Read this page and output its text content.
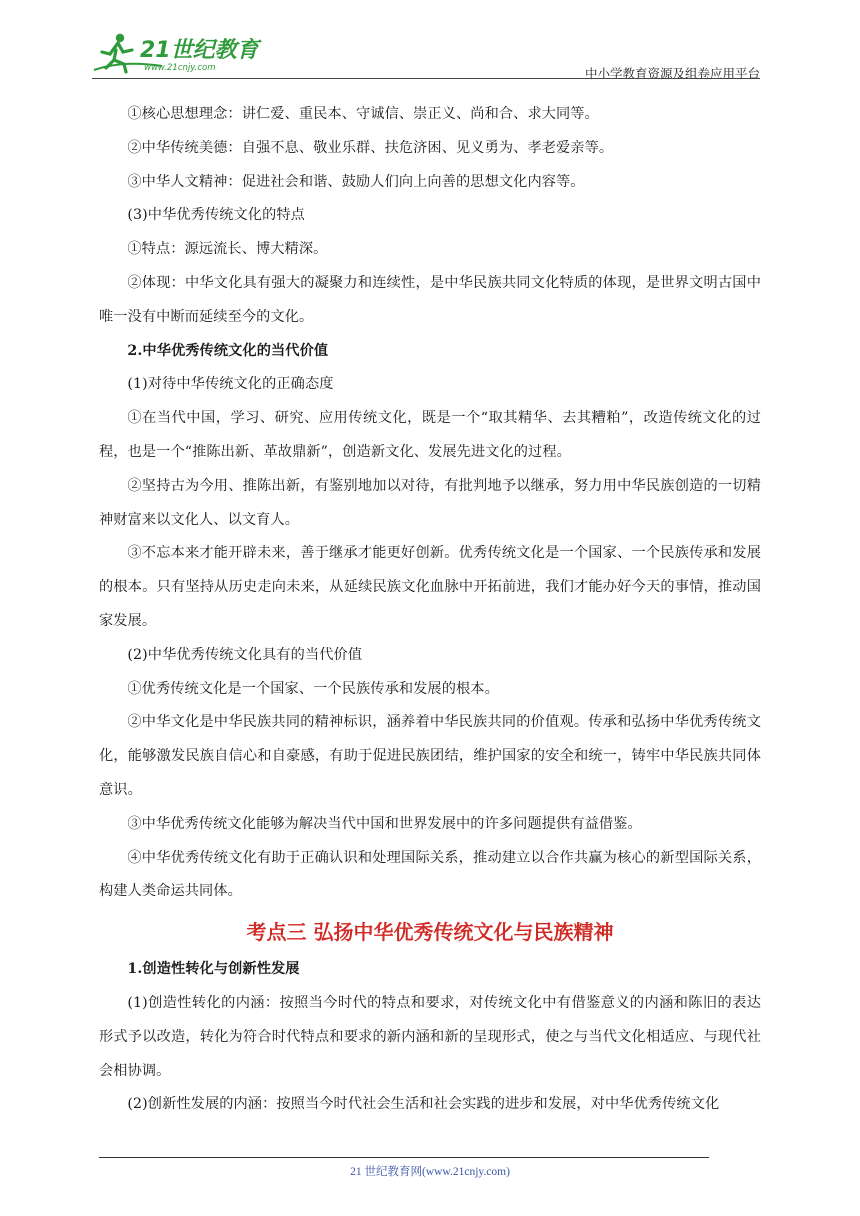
21世纪教育
www.21cnjy.com	中小学教育资源及组卷应用平台

①核心思想理念：讲仁爱、重民本、守诚信、崇正义、尚和合、求大同等。

②中华传统美德：自强不息、敬业乐群、扶危济困、见义勇为、孝老爱亲等。

③中华人文精神：促进社会和谐、鼓励人们向上向善的思想文化内容等。

(3)中华优秀传统文化的特点

①特点：源远流长、博大精深。

②体现：中华文化具有强大的凝聚力和连续性，是中华民族共同文化特质的体现，是世界文明古国中唯一没有中断而延续至今的文化。

2.中华优秀传统文化的当代价值

(1)对待中华传统文化的正确态度

①在当代中国，学习、研究、应用传统文化，既是一个“取其精华、去其糟粕”，改造传统文化的过程，也是一个“推陈出新、革故鼎新”，创造新文化、发展先进文化的过程。

②坚持古为今用、推陈出新，有鉴别地加以对待，有批判地予以继承，努力用中华民族创造的一切精神财富来以文化人、以文育人。

③不忘本来才能开辟未来，善于继承才能更好创新。优秀传统文化是一个国家、一个民族传承和发展的根本。只有坚持从历史走向未来，从延续民族文化血脉中开拓前进，我们才能办好今天的事情，推动国家发展。

(2)中华优秀传统文化具有的当代价值

①优秀传统文化是一个国家、一个民族传承和发展的根本。

②中华文化是中华民族共同的精神标识，涵养着中华民族共同的价值观。传承和弘扬中华优秀传统文化，能够激发民族自信心和自豪感，有助于促进民族团结，维护国家的安全和统一，铸牢中华民族共同体意识。

③中华优秀传统文化能够为解决当代中国和世界发展中的许多问题提供有益借鉴。

④中华优秀传统文化有助于正确认识和处理国际关系，推动建立以合作共赢为核心的新型国际关系，构建人类命运共同体。

考点三 弘扬中华优秀传统文化与民族精神

1.创造性转化与创新性发展

(1)创造性转化的内涵：按照当今时代的特点和要求，对传统文化中有借鉴意义的内涵和陈旧的表达形式予以改造，转化为符合时代特点和要求的新内涵和新的呈现形式，使之与当代文化相适应、与现代社会相协调。

(2)创新性发展的内涵：按照当今时代社会生活和社会实践的进步和发展，对中华优秀传统文化

21 世纪教育网(www.21cnjy.com)
